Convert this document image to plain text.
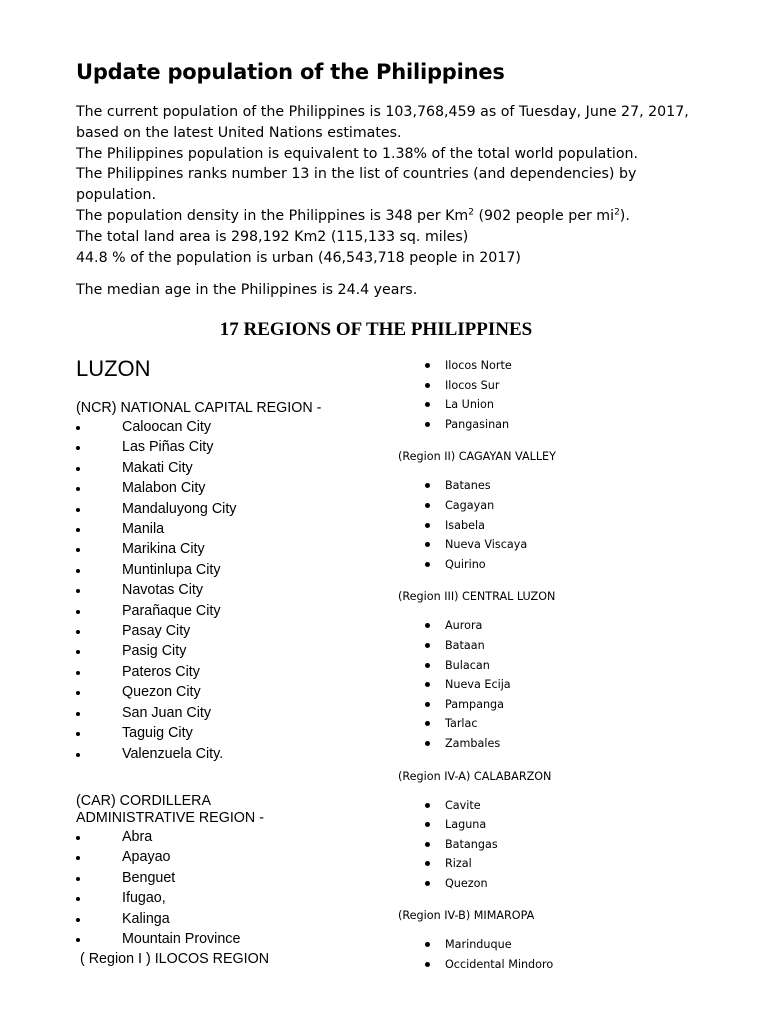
Update population of the Philippines

The current population of the Philippines is 103,768,459 as of Tuesday, June 27, 2017, based on the latest United Nations estimates.

The Philippines population is equivalent to 1.38% of the total world population.

The Philippines ranks number 13 in the list of countries (and dependencies) by population.

The population density in the Philippines is 348 per Km$^2$ (902 people per $mi^2$).

The total land area is 298,192 Km2 (115,133 sq. miles)

44.8 % of the population is urban (46,543,718 people in 2017)

The median age in the Philippines is 24.4 years.

17 REGIONS OF THE PHILIPPINES

LUZON

(NCR) NATIONAL CAPITAL REGION -

Caloocan City
Las Piñas City
Makati City
Malabon City
Mandaluyong City
Manila
Marikina City
Muntinlupa City
Navotas City
Parañaque City
Pasay City
Pasig City
Pateros City
Quezon City
San Juan City
Taguig City
Valenzuela City.

(CAR) CORDILLERA ADMINISTRATIVE REGION -

Abra
Apayao
Benguet
Ifugao,
Kalinga
Mountain Province

( Region I ) ILOCOS REGION

Ilocos Norte
Ilocos Sur
La Union
Pangasinan

(Region II) CAGAYAN VALLEY

Batanes
Cagayan
Isabela
Nueva Viscaya
Quirino

(Region III) CENTRAL LUZON

Aurora
Bataan
Bulacan
Nueva Ecija
Pampanga
Tarlac
Zambales

(Region IV-A) CALABARZON

Cavite
Laguna
Batangas
Rizal
Quezon

(Region IV-B) MIMAROPA

Marinduque
Occidental Mindoro
